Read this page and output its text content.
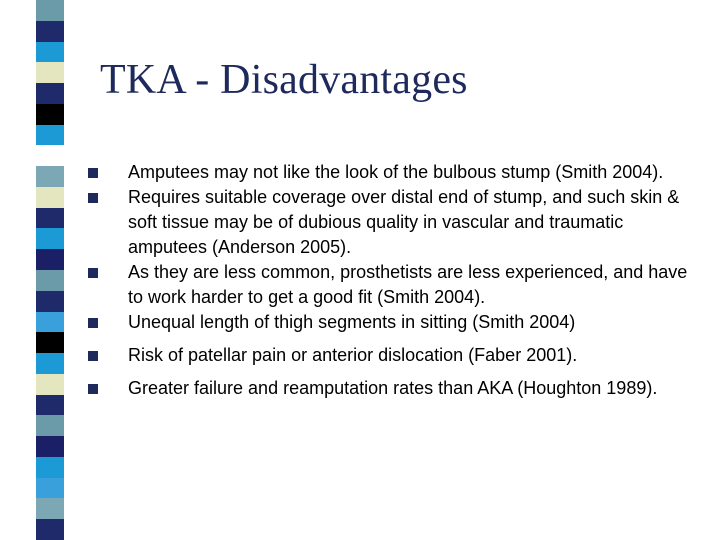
TKA - Disadvantages
Amputees may not like the look of the bulbous stump (Smith 2004).
Requires suitable coverage over distal end of stump, and such skin & soft tissue may be of dubious quality in vascular and traumatic amputees (Anderson 2005).
As they are less common, prosthetists are less experienced, and have to work harder to get a good fit (Smith 2004).
Unequal length of thigh segments in sitting (Smith 2004)
Risk of patellar pain or anterior dislocation (Faber 2001).
Greater failure and reamputation rates than AKA (Houghton 1989).
